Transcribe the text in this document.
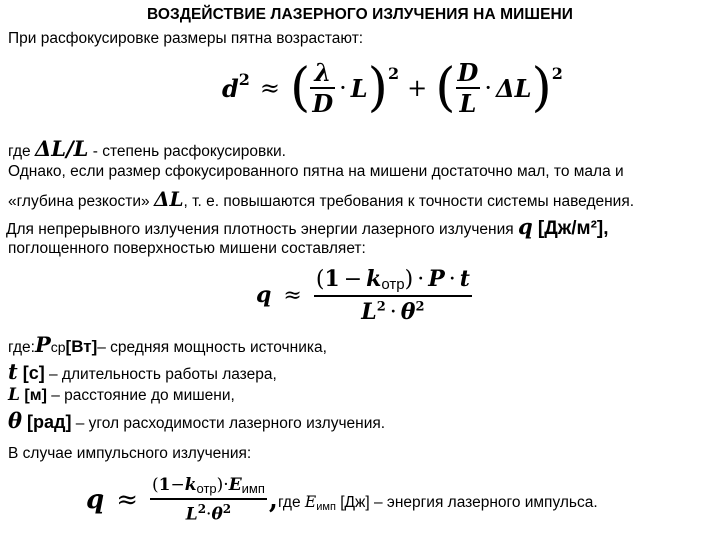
ВОЗДЕЙСТВИЕ ЛАЗЕРНОГО ИЗЛУЧЕНИЯ НА МИШЕНИ
При расфокусировке размеры пятна возрастают:
d 2 ≈ ( $\frac{\lambda}{D} \cdot L$ ) 2
+ ( $\frac{D}{L} \cdot \Delta L$ ) 2
где ΔL/L - степень расфокусировки.
Однако, если размер сфокусированного пятна на мишени достаточно мал, то мала и
«глубина резкости» ΔL, т. е. повышаются требования к точности системы наведения.
Для непрерывного излучения плотность энергии лазерного излучения q [Дж/м²],
поглощенного поверхностью мишени составляет:
$q \approx \frac{(1 - k_{отр}) \cdot P \cdot t}{L^2 \cdot \theta^2}$
где: P ср [Вт] – средняя мощность источника,
t [с] – длительность работы лазера,
L [м] – расстояние до мишени,
θ [рад] – угол расходимости лазерного излучения.
В случае импульсного излучения:
$q \approx \frac{(1-k_{отр})\cdot E_{имп}}{L^2\cdot\theta^2}$ , где $E_{имп}$ [Дж] – энергия лазерного импульса.
